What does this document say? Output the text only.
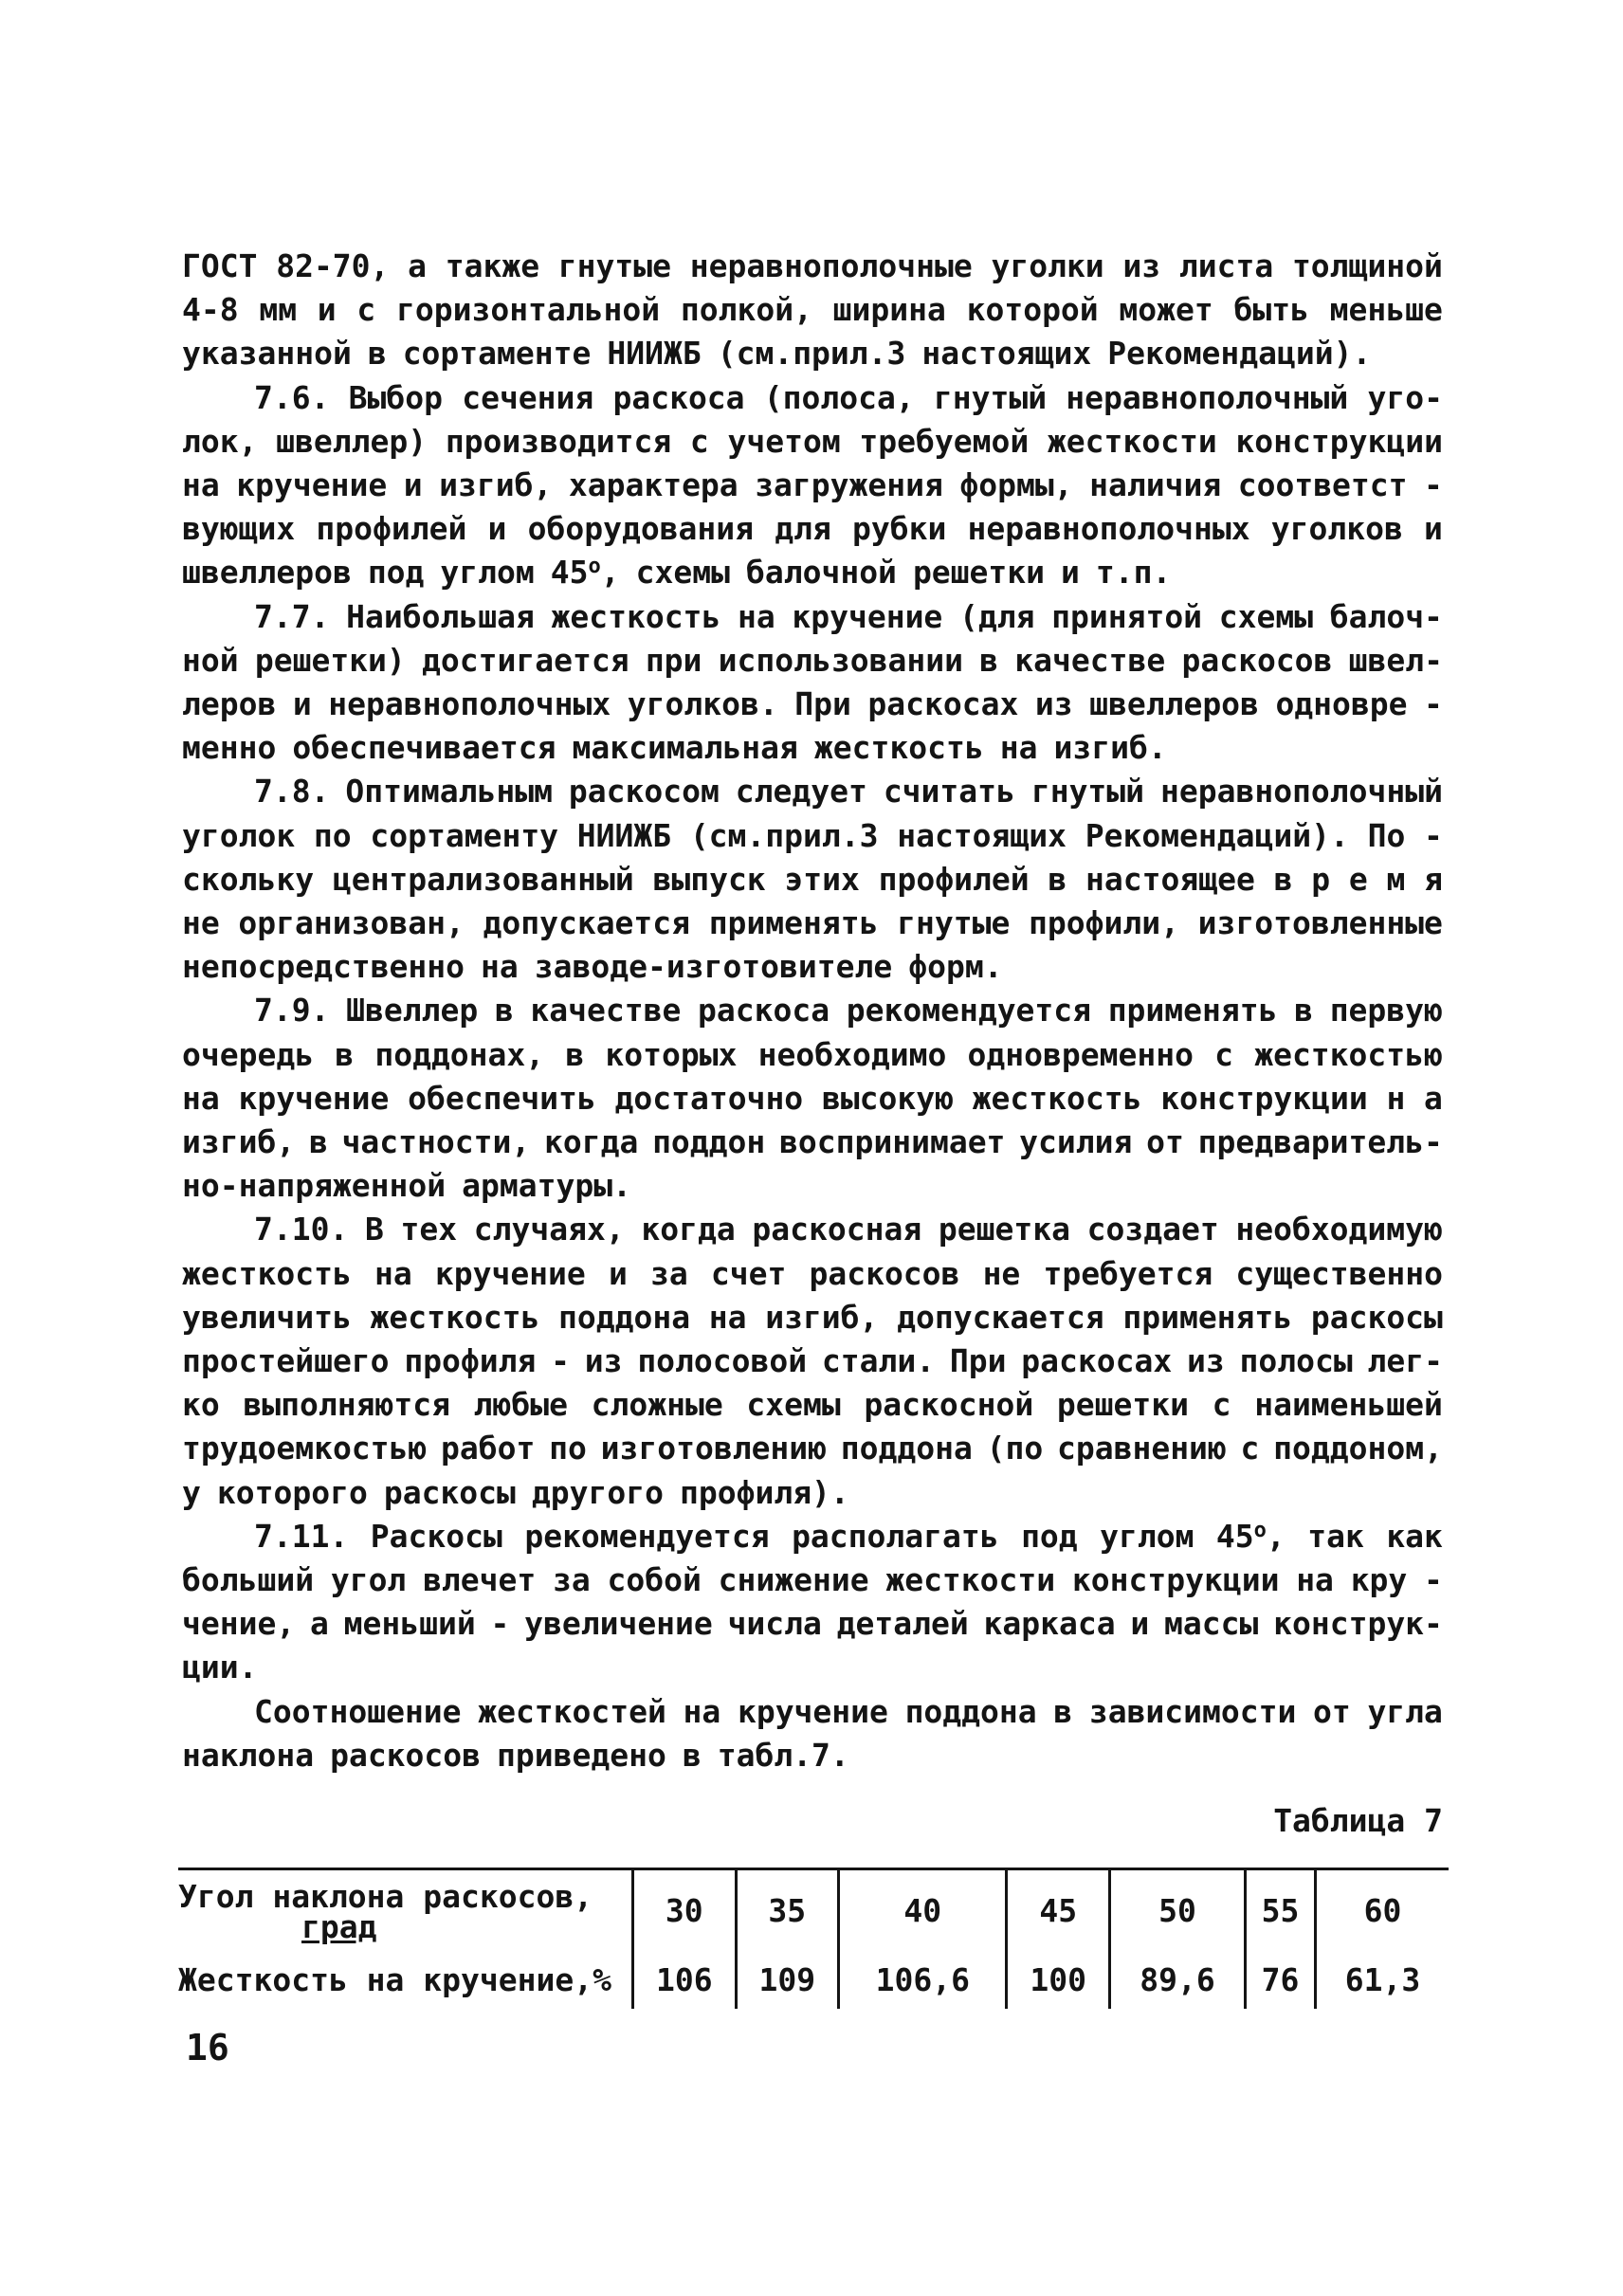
ГОСТ 82-70, а также гнутые неравнополочные уголки из листа толщиной
4-8 мм и с горизонтальной полкой, ширина которой может быть меньше
указанной в сортаменте НИИЖБ (см.прил.3 настоящих Рекомендаций).
7.6. Выбор сечения раскоса (полоса, гнутый неравнополочный уго-
лок, швеллер) производится с учетом требуемой жесткости конструкции
на кручение и изгиб, характера загружения формы, наличия соответст -
вующих профилей и оборудования для рубки неравнополочных уголков и
швеллеров под углом 45$^o$, схемы балочной решетки и т.п.
7.7. Наибольшая жесткость на кручение (для принятой схемы балоч-
ной решетки) достигается при использовании в качестве раскосов швел-
леров и неравнополочных уголков. При раскосах из швеллеров одновре -
менно обеспечивается максимальная жесткость на изгиб.
7.8. Оптимальным раскосом следует считать гнутый неравнополочный
уголок по сортаменту НИИЖБ (см.прил.3 настоящих Рекомендаций). По -
скольку централизованный выпуск этих профилей в настоящее в р е м я
не организован, допускается применять гнутые профили, изготовленные
непосредственно на заводе-изготовителе форм.
7.9. Швеллер в качестве раскоса рекомендуется применять в первую
очередь в поддонах, в которых необходимо одновременно с жесткостью
на кручение обеспечить достаточно высокую жесткость конструкции н а
изгиб, в частности, когда поддон воспринимает усилия от предваритель-
но-напряженной арматуры.
7.10. В тех случаях, когда раскосная решетка создает необходимую
жесткость на кручение и за счет раскосов не требуется существенно
увеличить жесткость поддона на изгиб, допускается применять раскосы
простейшего профиля - из полосовой стали. При раскосах из полосы лег-
ко выполняются любые сложные схемы раскосной решетки с наименьшей
трудоемкостью работ по изготовлению поддона (по сравнению с поддоном,
у которого раскосы другого профиля).
7.11. Раскосы рекомендуется располагать под углом 45$^o$, так как
больший угол влечет за собой снижение жесткости конструкции на кру -
чение, а меньший - увеличение числа деталей каркаса и массы конструк-
ции.
Соотношение жесткостей на кручение поддона в зависимости от угла
наклона раскосов приведено в табл.7.
Таблица 7
Угол наклона раскосов,
град	30	35	40	45	50	55	60
Жесткость на кручение,%	106	109	106,6	100	89,6	76	61,3
16
